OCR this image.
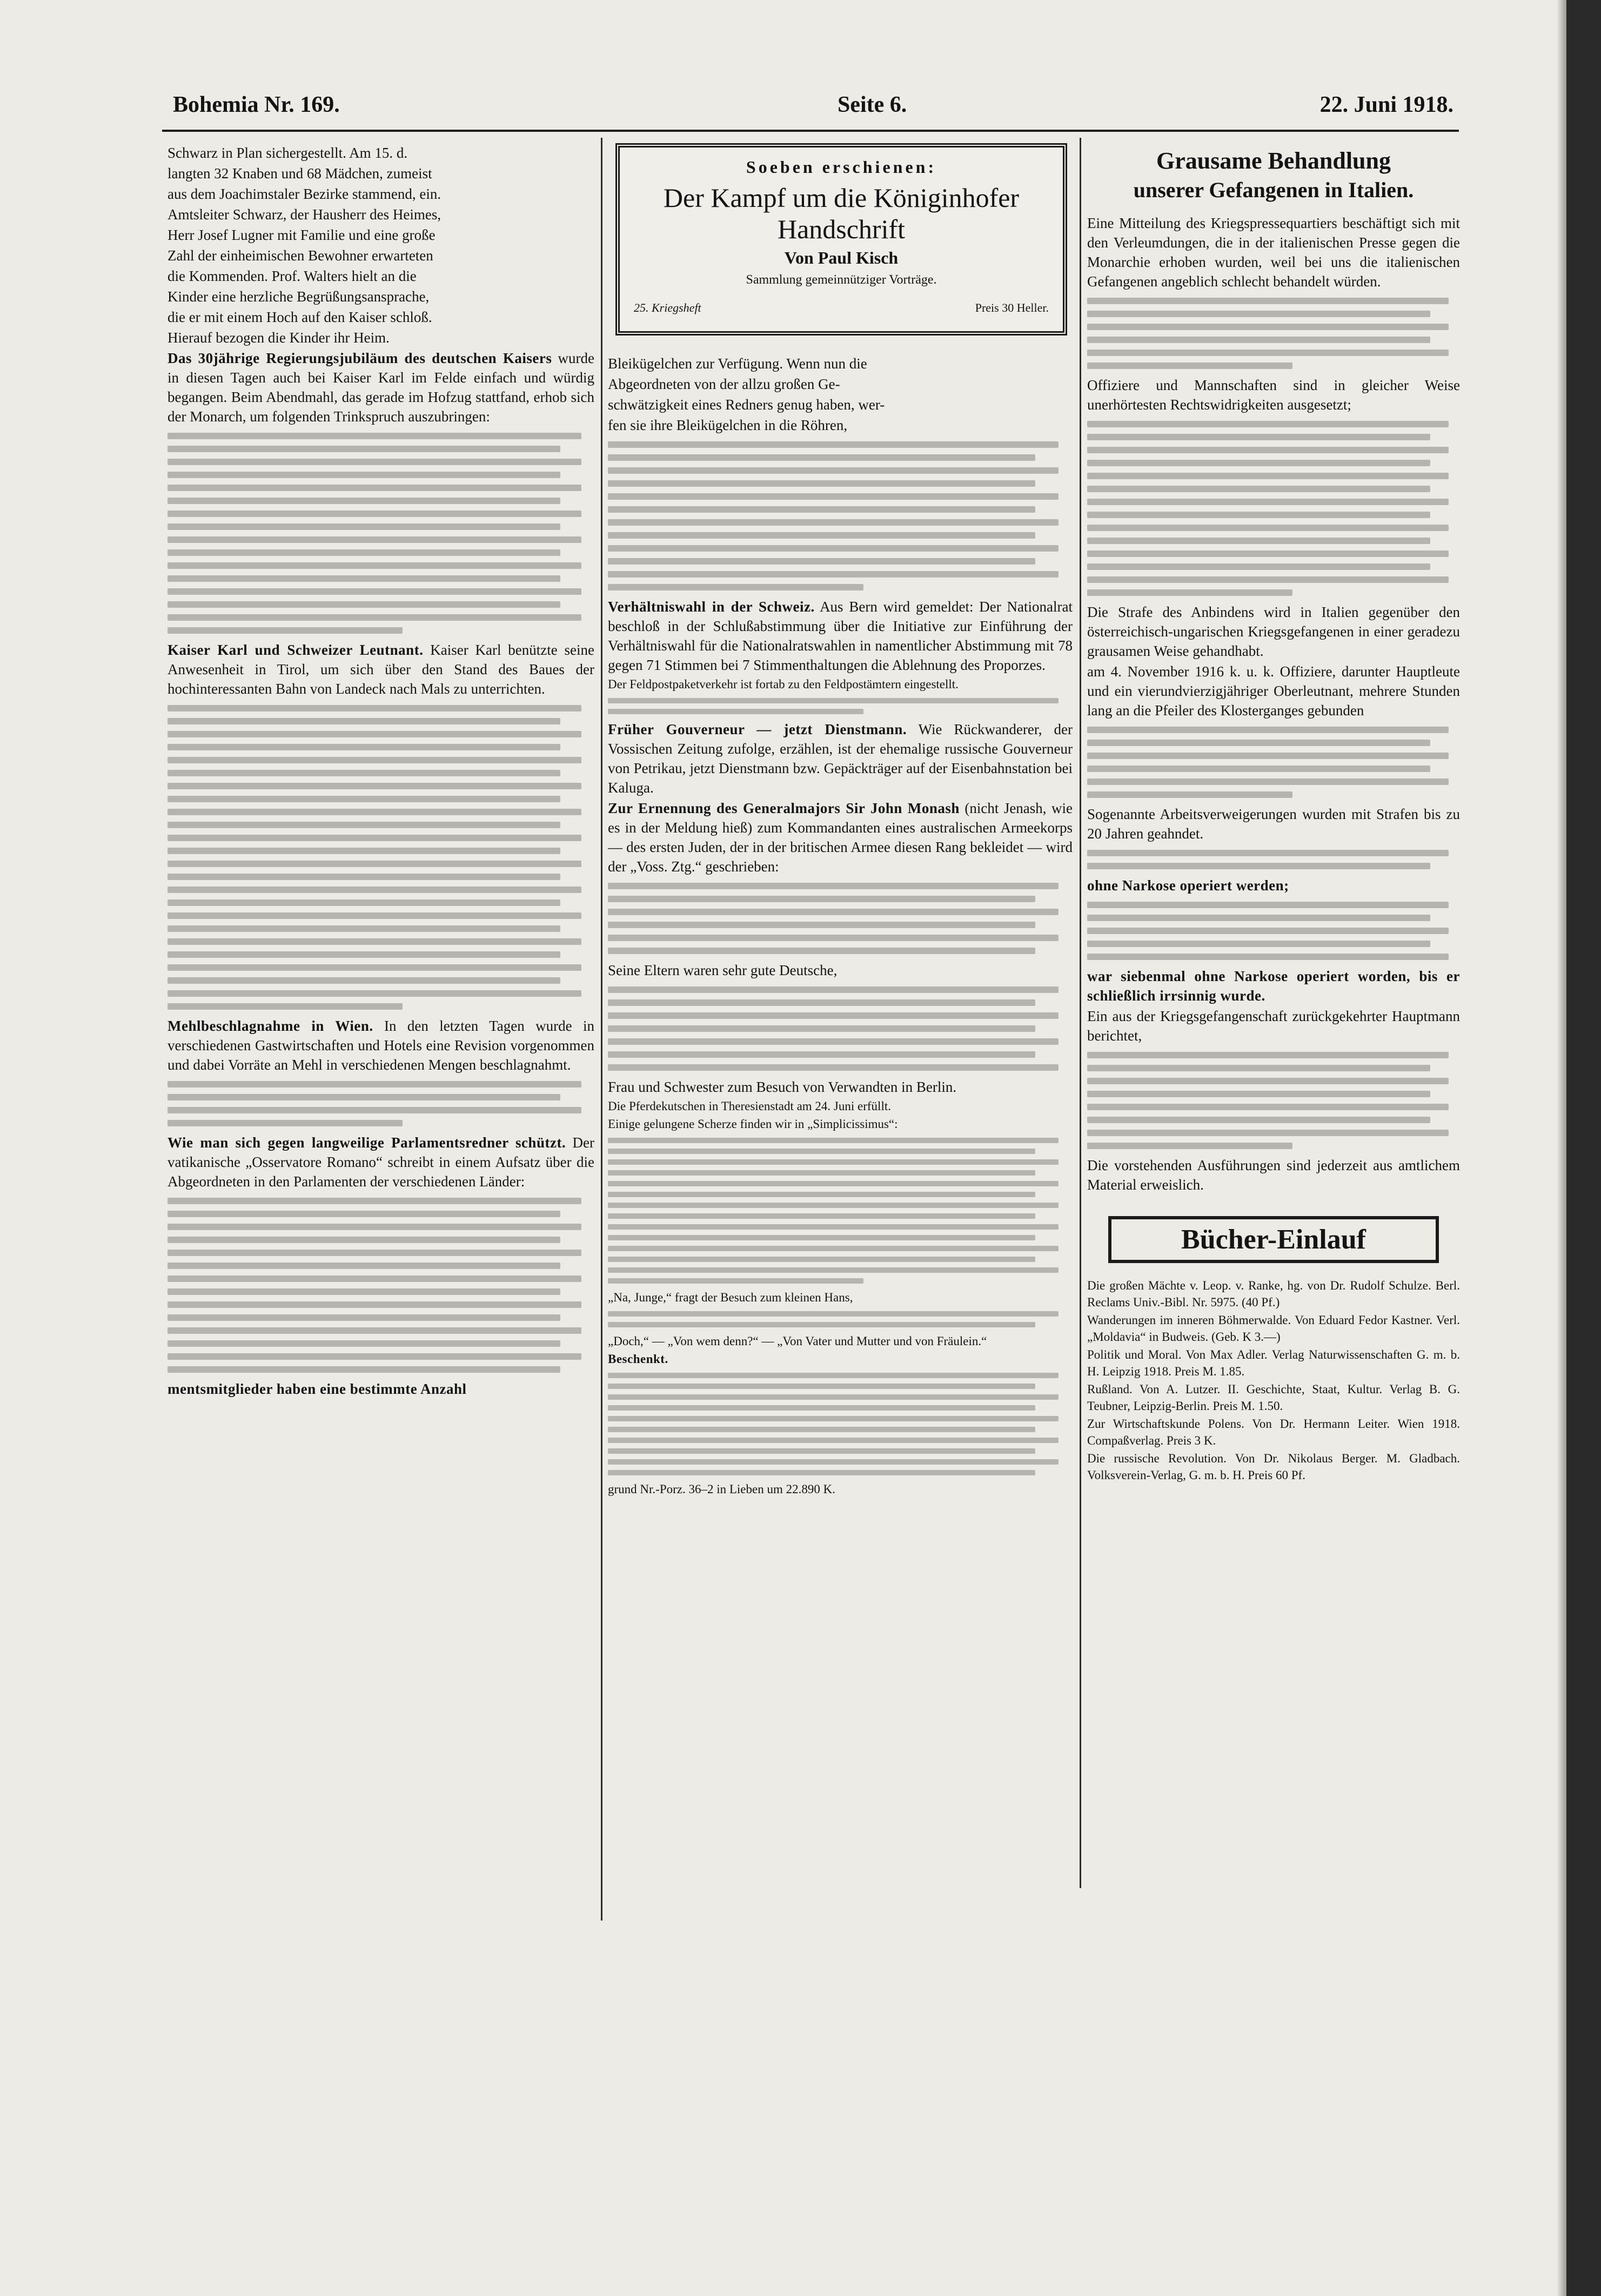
Bohemia Nr. 169.	Seite 6.	22. Juni 1918.

Schwarz in Plan sichergestellt. Am 15. d.

langten 32 Knaben und 68 Mädchen, zumeist

aus dem Joachimstaler Bezirke stammend, ein.

Amtsleiter Schwarz, der Hausherr des Heimes,

Herr Josef Lugner mit Familie und eine große

Zahl der einheimischen Bewohner erwarteten

die Kommenden. Prof. Walters hielt an die

Kinder eine herzliche Begrüßungsansprache,

die er mit einem Hoch auf den Kaiser schloß.

Hierauf bezogen die Kinder ihr Heim.

Das 30jährige Regierungsjubiläum des deutschen Kaisers wurde in diesen Tagen auch bei Kaiser Karl im Felde einfach und würdig begangen. Beim Abendmahl, das gerade im Hofzug stattfand, erhob sich der Monarch, um folgenden Trinkspruch auszubringen:

Kaiser Karl und Schweizer Leutnant. Kaiser Karl benützte seine Anwesenheit in Tirol, um sich über den Stand des Baues der hochinteressanten Bahn von Landeck nach Mals zu unterrichten.

Mehlbeschlagnahme in Wien. In den letzten Tagen wurde in verschiedenen Gastwirtschaften und Hotels eine Revision vorgenommen und dabei Vorräte an Mehl in verschiedenen Mengen beschlagnahmt.

Wie man sich gegen langweilige Parlamentsredner schützt. Der vatikanische „Osservatore Romano“ schreibt in einem Aufsatz über die Abgeordneten in den Parlamenten der verschiedenen Länder:

mentsmitglieder haben eine bestimmte Anzahl

Soeben erschienen:
Der Kampf um die Königinhofer Handschrift
Von Paul Kisch
Sammlung gemeinnütziger Vorträge.
25. Kriegsheft	Preis 30 Heller.

Bleikügelchen zur Verfügung. Wenn nun die

Abgeordneten von der allzu großen Ge-

schwätzigkeit eines Redners genug haben, wer-

fen sie ihre Bleikügelchen in die Röhren,

Verhältniswahl in der Schweiz. Aus Bern wird gemeldet: Der Nationalrat beschloß in der Schlußabstimmung über die Initiative zur Einführung der Verhältniswahl für die Nationalratswahlen in namentlicher Abstimmung mit 78 gegen 71 Stimmen bei 7 Stimmenthaltungen die Ablehnung des Proporzes.

Der Feldpostpaketverkehr ist fortab zu den Feldpostämtern eingestellt.

Früher Gouverneur — jetzt Dienstmann. Wie Rückwanderer, der Vossischen Zeitung zufolge, erzählen, ist der ehemalige russische Gouverneur von Petrikau, jetzt Dienstmann bzw. Gepäckträger auf der Eisenbahnstation bei Kaluga.

Zur Ernennung des Generalmajors Sir John Monash (nicht Jenash, wie es in der Meldung hieß) zum Kommandanten eines australischen Armeekorps — des ersten Juden, der in der britischen Armee diesen Rang bekleidet — wird der „Voss. Ztg.“ geschrieben:

Seine Eltern waren sehr gute Deutsche,

Frau und Schwester zum Besuch von Verwandten in Berlin.

Die Pferdekutschen in Theresienstadt am 24. Juni erfüllt.

Einige gelungene Scherze finden wir in „Simplicissimus“:

„Na, Junge,“ fragt der Besuch zum kleinen Hans,

„Doch,“ — „Von wem denn?“ — „Von Vater und Mutter und von Fräulein.“

Beschenkt.

grund Nr.-Porz. 36–2 in Lieben um 22.890 K.

Grausame Behandlung
unserer Gefangenen in Italien.

Eine Mitteilung des Kriegspressequartiers beschäftigt sich mit den Verleumdungen, die in der italienischen Presse gegen die Monarchie erhoben wurden, weil bei uns die italienischen Gefangenen angeblich schlecht behandelt würden.

Offiziere und Mannschaften sind in gleicher Weise unerhörtesten Rechtswidrigkeiten ausgesetzt;

Die Strafe des Anbindens wird in Italien gegenüber den österreichisch-ungarischen Kriegsgefangenen in einer geradezu grausamen Weise gehandhabt.

am 4. November 1916 k. u. k. Offiziere, darunter Hauptleute und ein vierundvierzigjähriger Oberleutnant, mehrere Stunden lang an die Pfeiler des Klosterganges gebunden

Sogenannte Arbeitsverweigerungen wurden mit Strafen bis zu 20 Jahren geahndet.

ohne Narkose operiert werden;

war siebenmal ohne Narkose operiert worden, bis er schließlich irrsinnig wurde.

Ein aus der Kriegsgefangenschaft zurückgekehrter Hauptmann berichtet,

Die vorstehenden Ausführungen sind jederzeit aus amtlichem Material erweislich.

Bücher-Einlauf

Die großen Mächte v. Leop. v. Ranke, hg. von Dr. Rudolf Schulze. Berl. Reclams Univ.-Bibl. Nr. 5975. (40 Pf.)

Wanderungen im inneren Böhmerwalde. Von Eduard Fedor Kastner. Verl. „Moldavia“ in Budweis. (Geb. K 3.—)

Politik und Moral. Von Max Adler. Verlag Naturwissenschaften G. m. b. H. Leipzig 1918. Preis M. 1.85.

Rußland. Von A. Lutzer. II. Geschichte, Staat, Kultur. Verlag B. G. Teubner, Leipzig-Berlin. Preis M. 1.50.

Zur Wirtschaftskunde Polens. Von Dr. Hermann Leiter. Wien 1918. Compaßverlag. Preis 3 K.

Die russische Revolution. Von Dr. Nikolaus Berger. M. Gladbach. Volksverein-Verlag, G. m. b. H. Preis 60 Pf.
